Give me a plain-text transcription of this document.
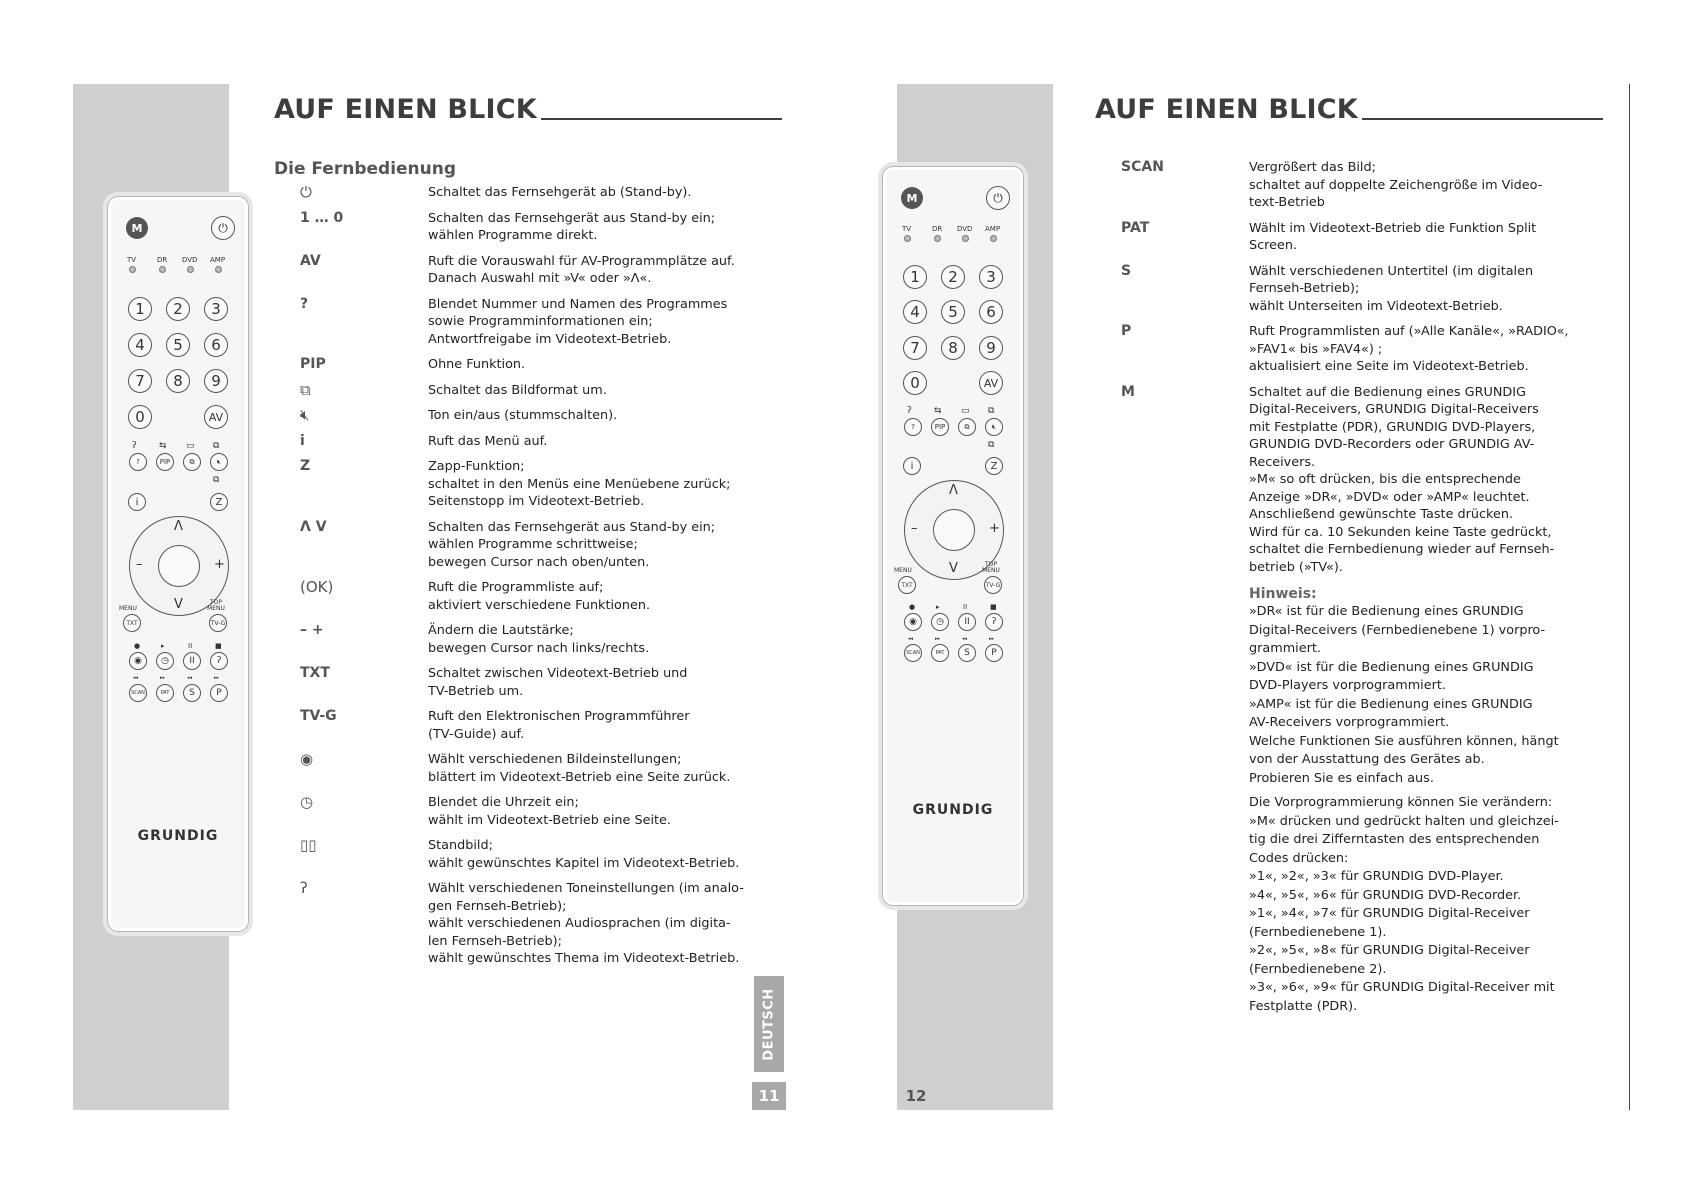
M	⏻
TV	DR DVD AMP
1	2	3
4	5	6
7	8	9
0	AV
ʔ ⇆ ▭ ⧉
?	PIP	⧉	🔇︎
⧉
i	Z
Λ
V
–	+
MENU
TOP MENU
TXT	TV-G
●	▸	II	■
◉	◷	II	ʔ
◂◂	▸▸	◂◂	▸▸
SCAN	PAT	S	P
GRUNDIG
AUF EINEN BLICK
Die Fernbedienung
⏻	Schaltet das Fernsehgerät ab (Stand-by).

1 … 0	Schalten das Fernsehgerät aus Stand-by ein;

wählen Programme direkt.

AV	Ruft die Vorauswahl für AV-Programmplätze auf.

Danach Auswahl mit »V« oder »Λ«.

?	Blendet Nummer und Namen des Programmes

sowie Programminformationen ein;

Antwortfreigabe im Videotext-Betrieb.

PIP	Ohne Funktion.

⧉	Schaltet das Bildformat um.

🔇︎	Ton ein/aus (stummschalten).

i	Ruft das Menü auf.

Z	Zapp-Funktion;

schaltet in den Menüs eine Menüebene zurück;

Seitenstopp im Videotext-Betrieb.

Λ V	Schalten das Fernsehgerät aus Stand-by ein;

wählen Programme schrittweise;

bewegen Cursor nach oben/unten.

(OK)	Ruft die Programmliste auf;

aktiviert verschiedene Funktionen.

– +	Ändern die Lautstärke;

bewegen Cursor nach links/rechts.

TXT	Schaltet zwischen Videotext-Betrieb und

TV-Betrieb um.

TV-G	Ruft den Elektronischen Programmführer

(TV-Guide) auf.

◉	Wählt verschiedenen Bildeinstellungen;

blättert im Videotext-Betrieb eine Seite zurück.

◷	Blendet die Uhrzeit ein;

wählt im Videotext-Betrieb eine Seite.

▯▯	Standbild;

wählt gewünschtes Kapitel im Videotext-Betrieb.

ʔ	Wählt verschiedenen Toneinstellungen (im analo-

gen Fernseh-Betrieb);

wählt verschiedenen Audiosprachen (im digita-

len Fernseh-Betrieb);

wählt gewünschtes Thema im Videotext-Betrieb.

DEUTSCH
11
M	⏻
TV	DR DVD AMP
1	2	3
4	5	6
7	8	9
0	AV
ʔ ⇆ ▭ ⧉
?	PIP	⧉	🔇︎
⧉
i	Z
Λ
V
–	+
MENU
TOP MENU
TXT	TV-G
●	▸	II	■
◉	◷	II	ʔ
◂◂	▸▸	◂◂	▸▸
SCAN	PAT	S	P
GRUNDIG
AUF EINEN BLICK
SCAN	Vergrößert das Bild;

schaltet auf doppelte Zeichengröße im Video-

text-Betrieb

PAT	Wählt im Videotext-Betrieb die Funktion Split

Screen.

S	Wählt verschiedenen Untertitel (im digitalen

Fernseh-Betrieb);

wählt Unterseiten im Videotext-Betrieb.

P	Ruft Programmlisten auf (»Alle Kanäle«, »RADIO«,

»FAV1« bis »FAV4«) ;

aktualisiert eine Seite im Videotext-Betrieb.

M	Schaltet auf die Bedienung eines GRUNDIG

Digital-Receivers, GRUNDIG Digital-Receivers

mit Festplatte (PDR), GRUNDIG DVD-Players,

GRUNDIG DVD-Recorders oder GRUNDIG AV-

Receivers.

»M« so oft drücken, bis die entsprechende

Anzeige »DR«, »DVD« oder »AMP« leuchtet.

Anschließend gewünschte Taste drücken.

Wird für ca. 10 Sekunden keine Taste gedrückt,

schaltet die Fernbedienung wieder auf Fernseh-

betrieb (»TV«).

Hinweis:
»DR« ist für die Bedienung eines GRUNDIG
Digital-Receivers (Fernbedienebene 1) vorpro-
grammiert.
»DVD« ist für die Bedienung eines GRUNDIG
DVD-Players vorprogrammiert.
»AMP« ist für die Bedienung eines GRUNDIG
AV-Receivers vorprogrammiert.
Welche Funktionen Sie ausführen können, hängt
von der Ausstattung des Gerätes ab.
Probieren Sie es einfach aus.
Die Vorprogrammierung können Sie verändern:
»M« drücken und gedrückt halten und gleichzei-
tig die drei Zifferntasten des entsprechenden
Codes drücken:
»1«, »2«, »3« für GRUNDIG DVD-Player.
»4«, »5«, »6« für GRUNDIG DVD-Recorder.
»1«, »4«, »7« für GRUNDIG Digital-Receiver
(Fernbedienebene 1).
»2«, »5«, »8« für GRUNDIG Digital-Receiver
(Fernbedienebene 2).
»3«, »6«, »9« für GRUNDIG Digital-Receiver mit
Festplatte (PDR).
12
